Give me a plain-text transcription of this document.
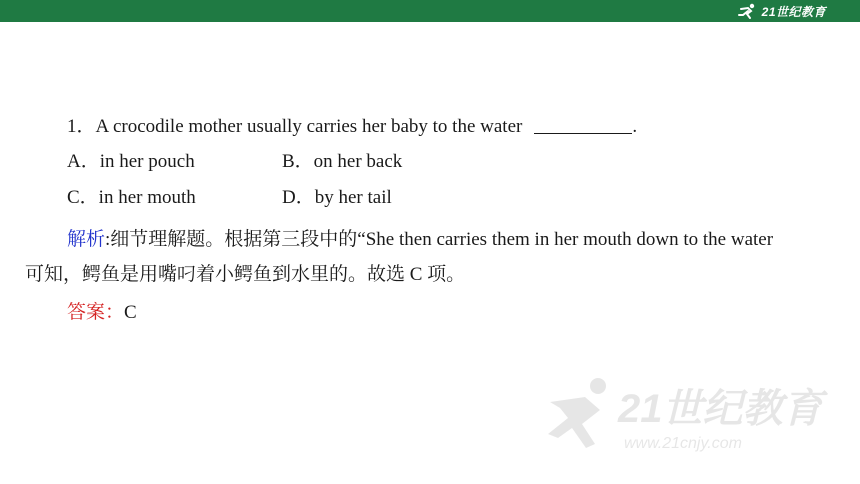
21世纪教育
1．A crocodile mother usually carries her baby to the water	.
A．in her pouch	B．on her back
C．in her mouth	D．by her tail
解析:细节理解题。根据第三段中的“She then carries them in her mouth down to the water
可知，鳄鱼是用嘴叼着小鳄鱼到水里的。故选 C 项。
答案：C
21世纪教育
www.21cnjy.com
